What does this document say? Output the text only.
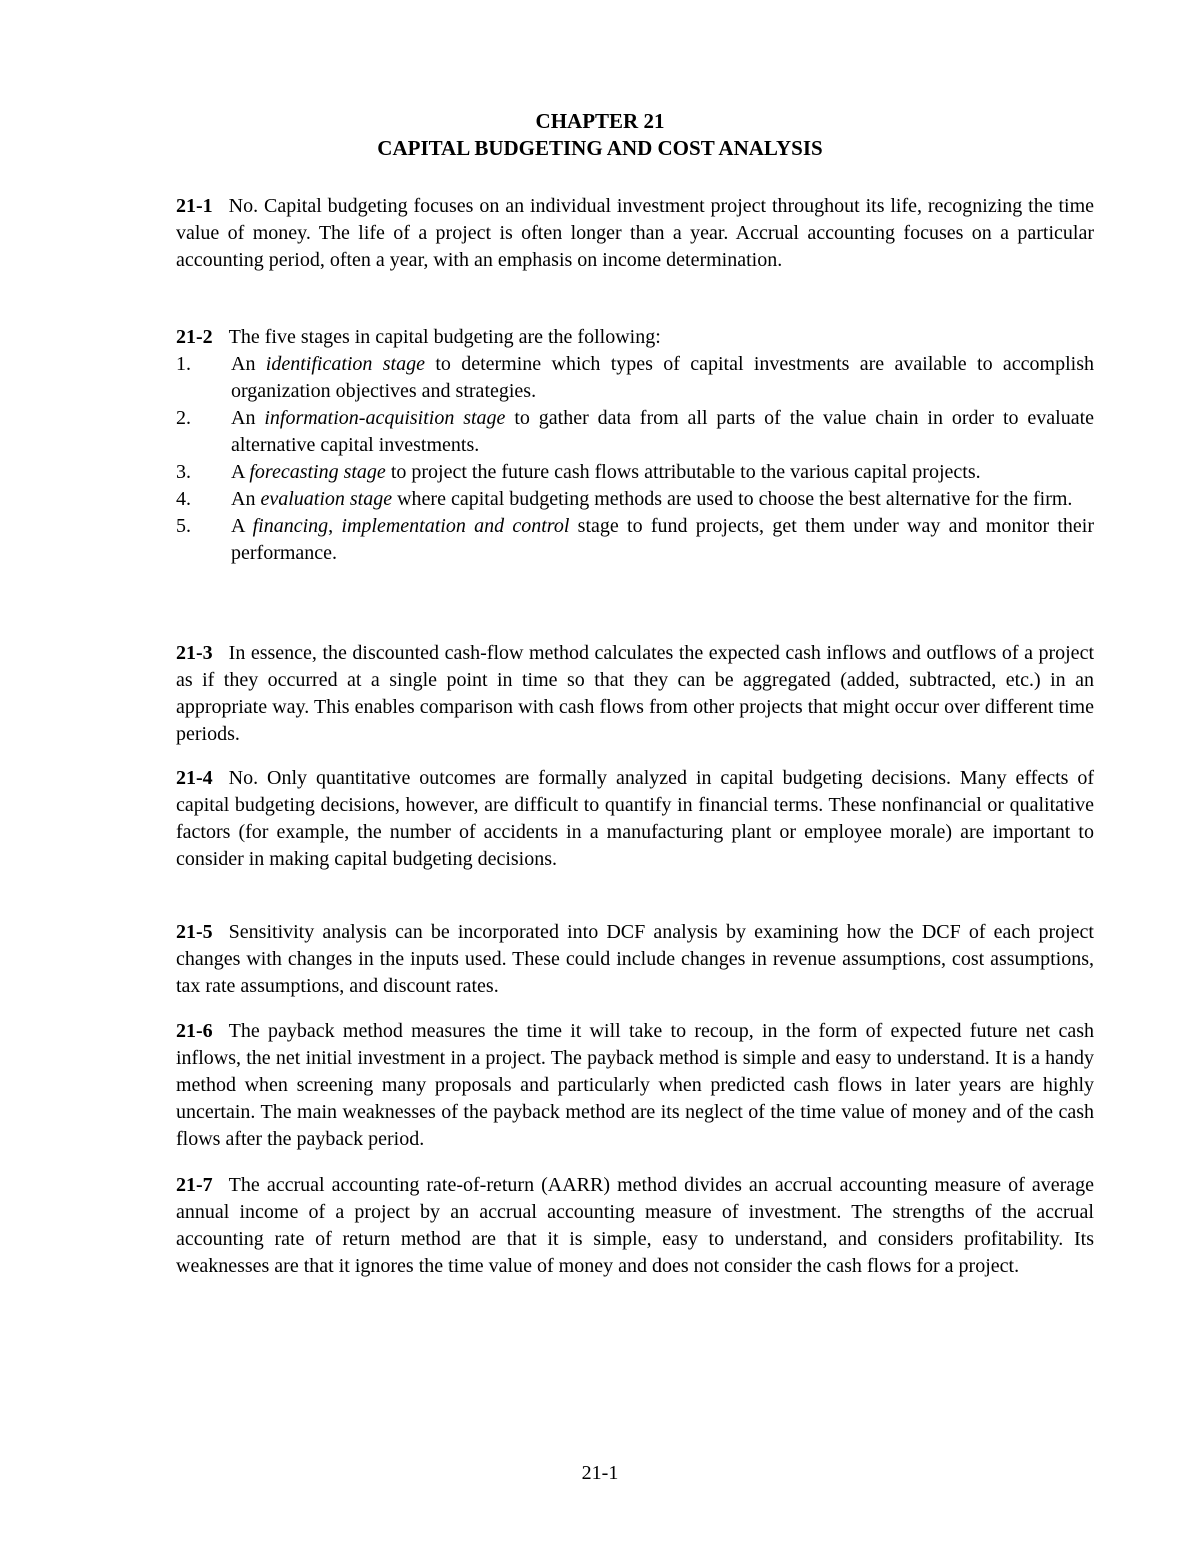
CHAPTER 21
CAPITAL BUDGETING AND COST ANALYSIS
21-1 No. Capital budgeting focuses on an individual investment project throughout its life, recognizing the time value of money. The life of a project is often longer than a year. Accrual accounting focuses on a particular accounting period, often a year, with an emphasis on income determination.
21-2 The five stages in capital budgeting are the following:
1.	An identification stage to determine which types of capital investments are available to accomplish organization objectives and strategies.
2.	An information-acquisition stage to gather data from all parts of the value chain in order to evaluate alternative capital investments.
3.	A forecasting stage to project the future cash flows attributable to the various capital projects.
4.	An evaluation stage where capital budgeting methods are used to choose the best alternative for the firm.
5.	A financing, implementation and control stage to fund projects, get them under way and monitor their performance.
21-3 In essence, the discounted cash-flow method calculates the expected cash inflows and outflows of a project as if they occurred at a single point in time so that they can be aggregated (added, subtracted, etc.) in an appropriate way. This enables comparison with cash flows from other projects that might occur over different time periods.
21-4 No. Only quantitative outcomes are formally analyzed in capital budgeting decisions. Many effects of capital budgeting decisions, however, are difficult to quantify in financial terms. These nonfinancial or qualitative factors (for example, the number of accidents in a manufacturing plant or employee morale) are important to consider in making capital budgeting decisions.
21-5 Sensitivity analysis can be incorporated into DCF analysis by examining how the DCF of each project changes with changes in the inputs used. These could include changes in revenue assumptions, cost assumptions, tax rate assumptions, and discount rates.
21-6 The payback method measures the time it will take to recoup, in the form of expected future net cash inflows, the net initial investment in a project. The payback method is simple and easy to understand. It is a handy method when screening many proposals and particularly when predicted cash flows in later years are highly uncertain. The main weaknesses of the payback method are its neglect of the time value of money and of the cash flows after the payback period.
21-7 The accrual accounting rate-of-return (AARR) method divides an accrual accounting measure of average annual income of a project by an accrual accounting measure of investment. The strengths of the accrual accounting rate of return method are that it is simple, easy to understand, and considers profitability. Its weaknesses are that it ignores the time value of money and does not consider the cash flows for a project.
21-1
